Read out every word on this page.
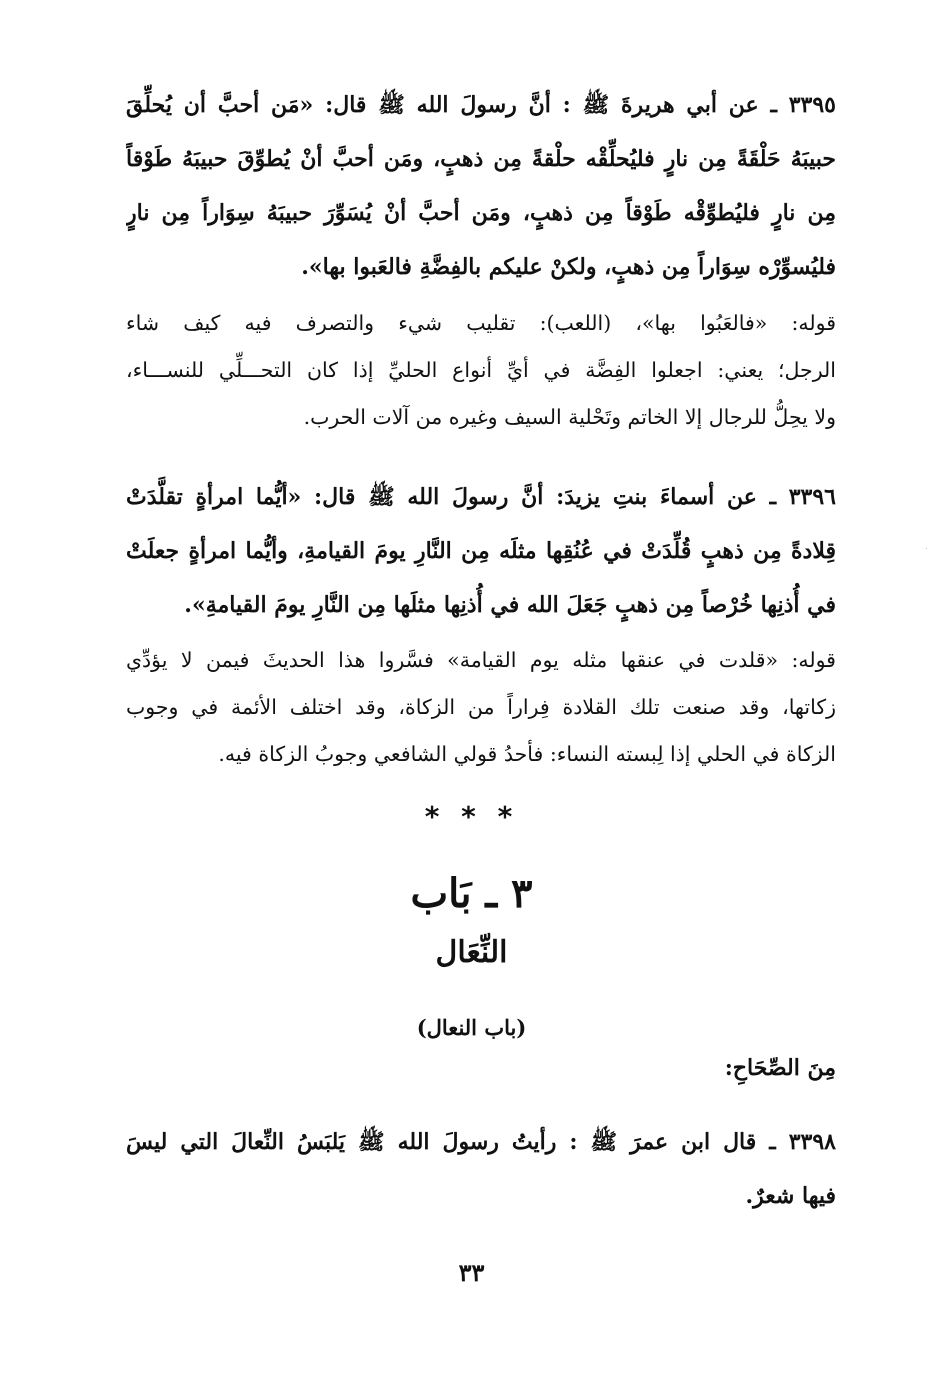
٣٣٩٥ ـ عن أبي هريرةَ ﷺ : أنَّ رسولَ الله ﷺ قال: «مَن أحبَّ أن يُحلِّقَ
حبيبَهُ حَلْقَةً مِن نارٍ فليُحلِّقْه حلْقةً مِن ذهبٍ، ومَن أحبَّ أنْ يُطوِّقَ حبيبَهُ طَوْقاً
مِن نارٍ فليُطوِّقْه طَوْقاً مِن ذهبٍ، ومَن أحبَّ أنْ يُسَوِّرَ حبيبَهُ سِوَاراً مِن نارٍ
فليُسوِّرْه سِوَاراً مِن ذهبٍ، ولكنْ عليكم بالفِضَّةِ فالعَبوا بها».
قوله: «فالعَبُوا بها»، (اللعب): تقليب شيء والتصرف فيه كيف شاء
الرجل؛ يعني: اجعلوا الفِضَّة في أيِّ أنواع الحليِّ إذا كان التحـــلِّي للنســـاء،
ولا يحِلُّ للرجال إلا الخاتم وتَحْلية السيف وغيره من آلات الحرب.
٣٣٩٦ ـ عن أسماءَ بنتِ يزيدَ: أنَّ رسولَ الله ﷺ قال: «أيُّما امرأةٍ تقلَّدَتْ
قِلادةً مِن ذهبٍ قُلِّدَتْ في عُنُقِها مثلَه مِن النَّارِ يومَ القيامةِ، وأيُّما امرأةٍ جعلَتْ
في أُذنِها خُرْصاً مِن ذهبٍ جَعَلَ الله في أُذنِها مثلَها مِن النَّارِ يومَ القيامةِ».
قوله: «قلدت في عنقها مثله يوم القيامة» فسَّروا هذا الحديثَ فيمن لا يؤدِّي
زكاتها، وقد صنعت تلك القلادة فِراراً من الزكاة، وقد اختلف الأئمة في وجوب
الزكاة في الحلي إذا لِبسته النساء: فأحدُ قولي الشافعي وجوبُ الزكاة فيه.
* * *
٣ ـ بَاب
النِّعَال
(باب النعال)
مِنَ الصِّحَاحِ:
٣٣٩٨ ـ قال ابن عمرَ ﷺ : رأيتُ رسولَ الله ﷺ يَلبَسُ النِّعالَ التي ليسَ
فيها شعرٌ.
٣٣
·
